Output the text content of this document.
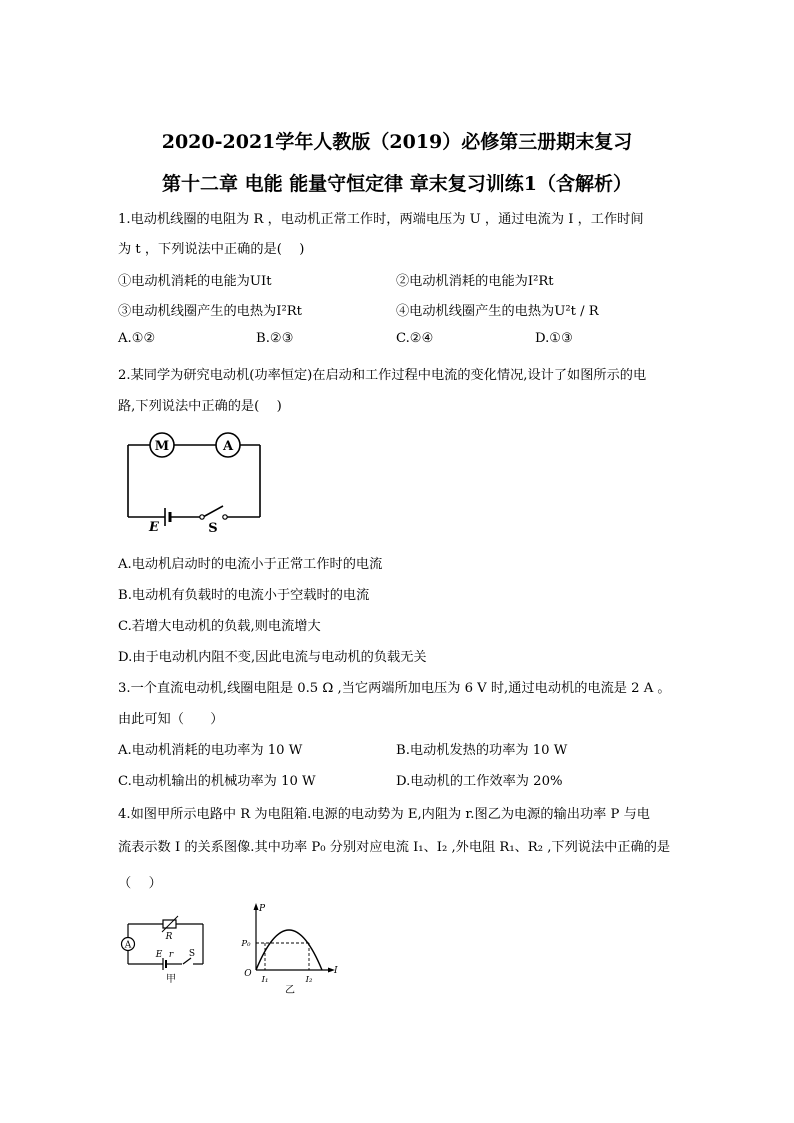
2020-2021学年人教版（2019）必修第三册期末复习
第十二章 电能 能量守恒定律 章末复习训练1（含解析）
1.电动机线圈的电阻为 R ，电动机正常工作时，两端电压为 U ，通过电流为 I ，工作时间
为 t ，下列说法中正确的是(　 )
①电动机消耗的电能为UIt	②电动机消耗的电能为I²Rt
③电动机线圈产生的电热为I²Rt	④电动机线圈产生的电热为U²t / R
A.①②	B.②③	C.②④	D.①③
2.某同学为研究电动机(功率恒定)在启动和工作过程中电流的变化情况,设计了如图所示的电
路,下列说法中正确的是(　 )
M	A
E	S
A.电动机启动时的电流小于正常工作时的电流
B.电动机有负载时的电流小于空载时的电流
C.若增大电动机的负载,则电流增大
D.由于电动机内阻不变,因此电流与电动机的负载无关
3.一个直流电动机,线圈电阻是 0.5 Ω ,当它两端所加电压为 6 V 时,通过电动机的电流是 2 A 。
由此可知（　　）
A.电动机消耗的电功率为 10 W	B.电动机发热的功率为 10 W
C.电动机输出的机械功率为 10 W	D.电动机的工作效率为 20%
4.如图甲所示电路中 R 为电阻箱.电源的电动势为 E,内阻为 r.图乙为电源的输出功率 P 与电
流表示数 I 的关系图像.其中功率 P₀ 分别对应电流 I₁、I₂ ,外电阻 R₁、R₂ ,下列说法中正确的是
（　 ）
A
R
E r S
甲
P
I
O
P₀
I₁	I₂
乙
